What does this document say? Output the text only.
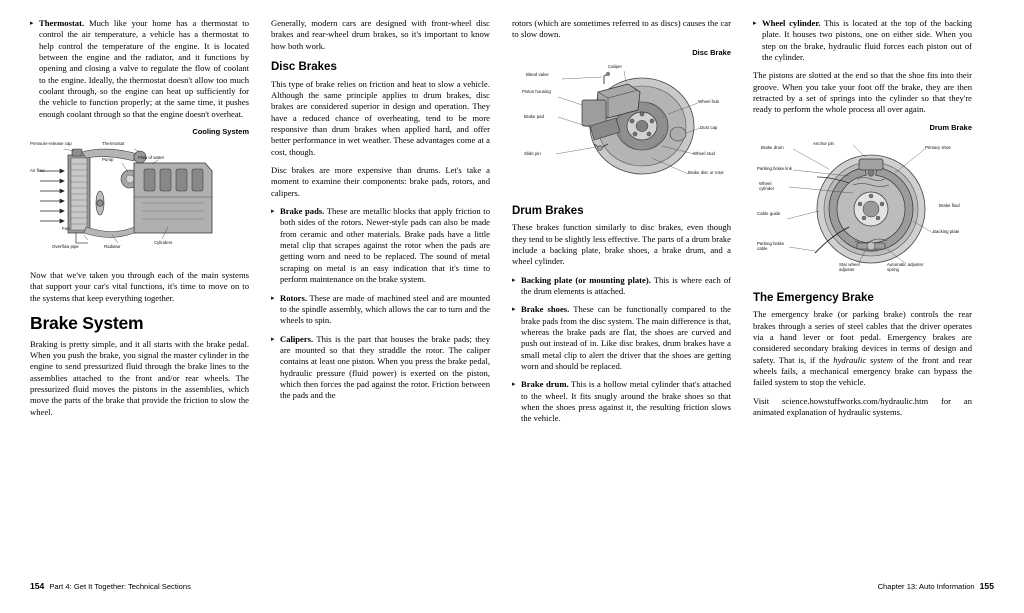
▸ Thermostat. Much like your home has a thermostat to control the air temperature, a vehicle has a thermostat to help control the temperature of the engine. It is located between the engine and the radiator, and it functions by opening and closing a valve to regulate the flow of coolant to the engine. Ideally, the thermostat doesn't allow too much coolant through, so the engine can heat up sufficiently for the vehicle to function properly; at the same time, it pushes enough coolant through so that the engine doesn't overheat.
Cooling System
Pressure-release cap	Thermostat
Pump	Flow of water
Air flow
Fan
Overflow pipe	Radiator
Cylinders

Now that we've taken you through each of the main systems that support your car's vital functions, it's time to move on to the systems that keep everything together.

Brake System

Braking is pretty simple, and it all starts with the brake pedal. When you push the brake, you signal the master cylinder in the engine to send pressurized fluid through the brake lines to the assemblies attached to the front and/or rear wheels. The pressurized fluid moves the pistons in the assemblies, which move the parts of the brake that provide the friction to slow the wheel.

Generally, modern cars are designed with front-wheel disc brakes and rear-wheel drum brakes, so it's important to know how both work.

Disc Brakes

This type of brake relies on friction and heat to slow a vehicle. Although the same principle applies to drum brakes, disc brakes are considered superior in design and operation. They have a reduced chance of overheating, tend to be more responsive than drum brakes when applied hard, and offer better performance in wet weather. These advantages come at a cost, though.

Disc brakes are more expensive than drums. Let's take a moment to examine their components: brake pads, rotors, and calipers.

▸ Brake pads. These are metallic blocks that apply friction to both sides of the rotors. Newer-style pads can also be made from ceramic and other materials. Brake pads have a little metal clip that scrapes against the rotor when the pads are getting worn and need to be replaced. The sound of metal scraping on metal is an easy indication that it's time to perform maintenance on the brake system.
▸ Rotors. These are made of machined steel and are mounted to the spindle assembly, which allows the car to turn and the wheels to spin.
▸ Calipers. This is the part that houses the brake pads; they are mounted so that they straddle the rotor. The caliper contains at least one piston. When you press the brake pedal, hydraulic pressure (fluid power) is exerted on the piston, which then forces the pad against the rotor. Friction between the pads and the

rotors (which are sometimes referred to as discs) causes the car to slow down.

Disc Brake
Bleed valve
Caliper
Piston housing
Brake pad
Wheel hub
Dust cap
Slide pin	Wheel stud
Brake disc or rotor
Drum Brakes

These brakes function similarly to disc brakes, even though they tend to be slightly less effective. The parts of a drum brake include a backing plate, brake shoes, a brake drum, and a wheel cylinder.

▸ Backing plate (or mounting plate). This is where each of the drum elements is attached.
▸ Brake shoes. These can be functionally compared to the brake pads from the disc system. The main difference is that, whereas the brake pads are flat, the shoes are curved and push out instead of in. Like disc brakes, drum brakes have a small metal clip to alert the driver that the shoes are getting worn and should be replaced.
▸ Brake drum. This is a hollow metal cylinder that's attached to the wheel. It fits snugly around the brake shoes so that when the shoes press against it, the resulting friction slows the vehicle.
▸ Wheel cylinder. This is located at the top of the backing plate. It houses two pistons, one on either side. When you step on the brake, hydraulic fluid forces each piston out of the cylinder.

The pistons are slotted at the end so that the shoe fits into their groove. When you take your foot off the brake, they are then retracted by a set of springs into the cylinder so that they're ready to perform the whole process all over again.

Drum Brake
Brake drum
Anchor pin
Primary shoe
Parking brake link
Wheel cylinder
Cable guide
Brake fluid
Parking brake cable
Star wheel adjuster
Automatic adjuster spring
Backing plate
The Emergency Brake

The emergency brake (or parking brake) controls the rear brakes through a series of steel cables that the driver operates via a hand lever or foot pedal. Emergency brakes are considered secondary braking devices in terms of design and safety. That is, if the hydraulic system of the front and rear wheels fails, a mechanical emergency brake can bypass the failed system to stop the vehicle.

Visit science.howstuffworks.com/hydraulic.htm for an animated explanation of hydraulic systems.

154 Part 4: Get It Together: Technical Sections	Chapter 13: Auto Information 155
